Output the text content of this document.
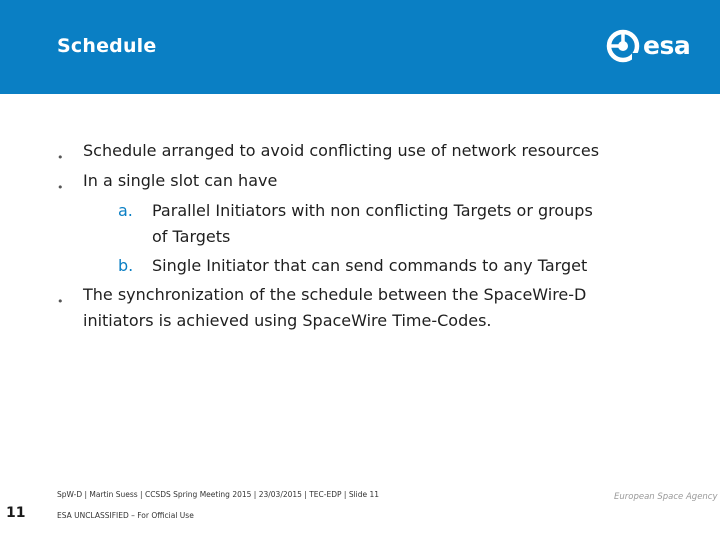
Schedule	esa
• Schedule arranged to avoid conflicting use of network resources
• In a single slot can have
a. Parallel Initiators with non conflicting Targets or groups
of Targets
b. Single Initiator that can send commands to any Target
• The synchronization of the schedule between the SpaceWire-D
initiators is achieved using SpaceWire Time-Codes.
SpW-D | Martin Suess | CCSDS Spring Meeting 2015 | 23/03/2015 | TEC-EDP | Slide 11
ESA UNCLASSIFIED – For Official Use
11
European Space Agency
